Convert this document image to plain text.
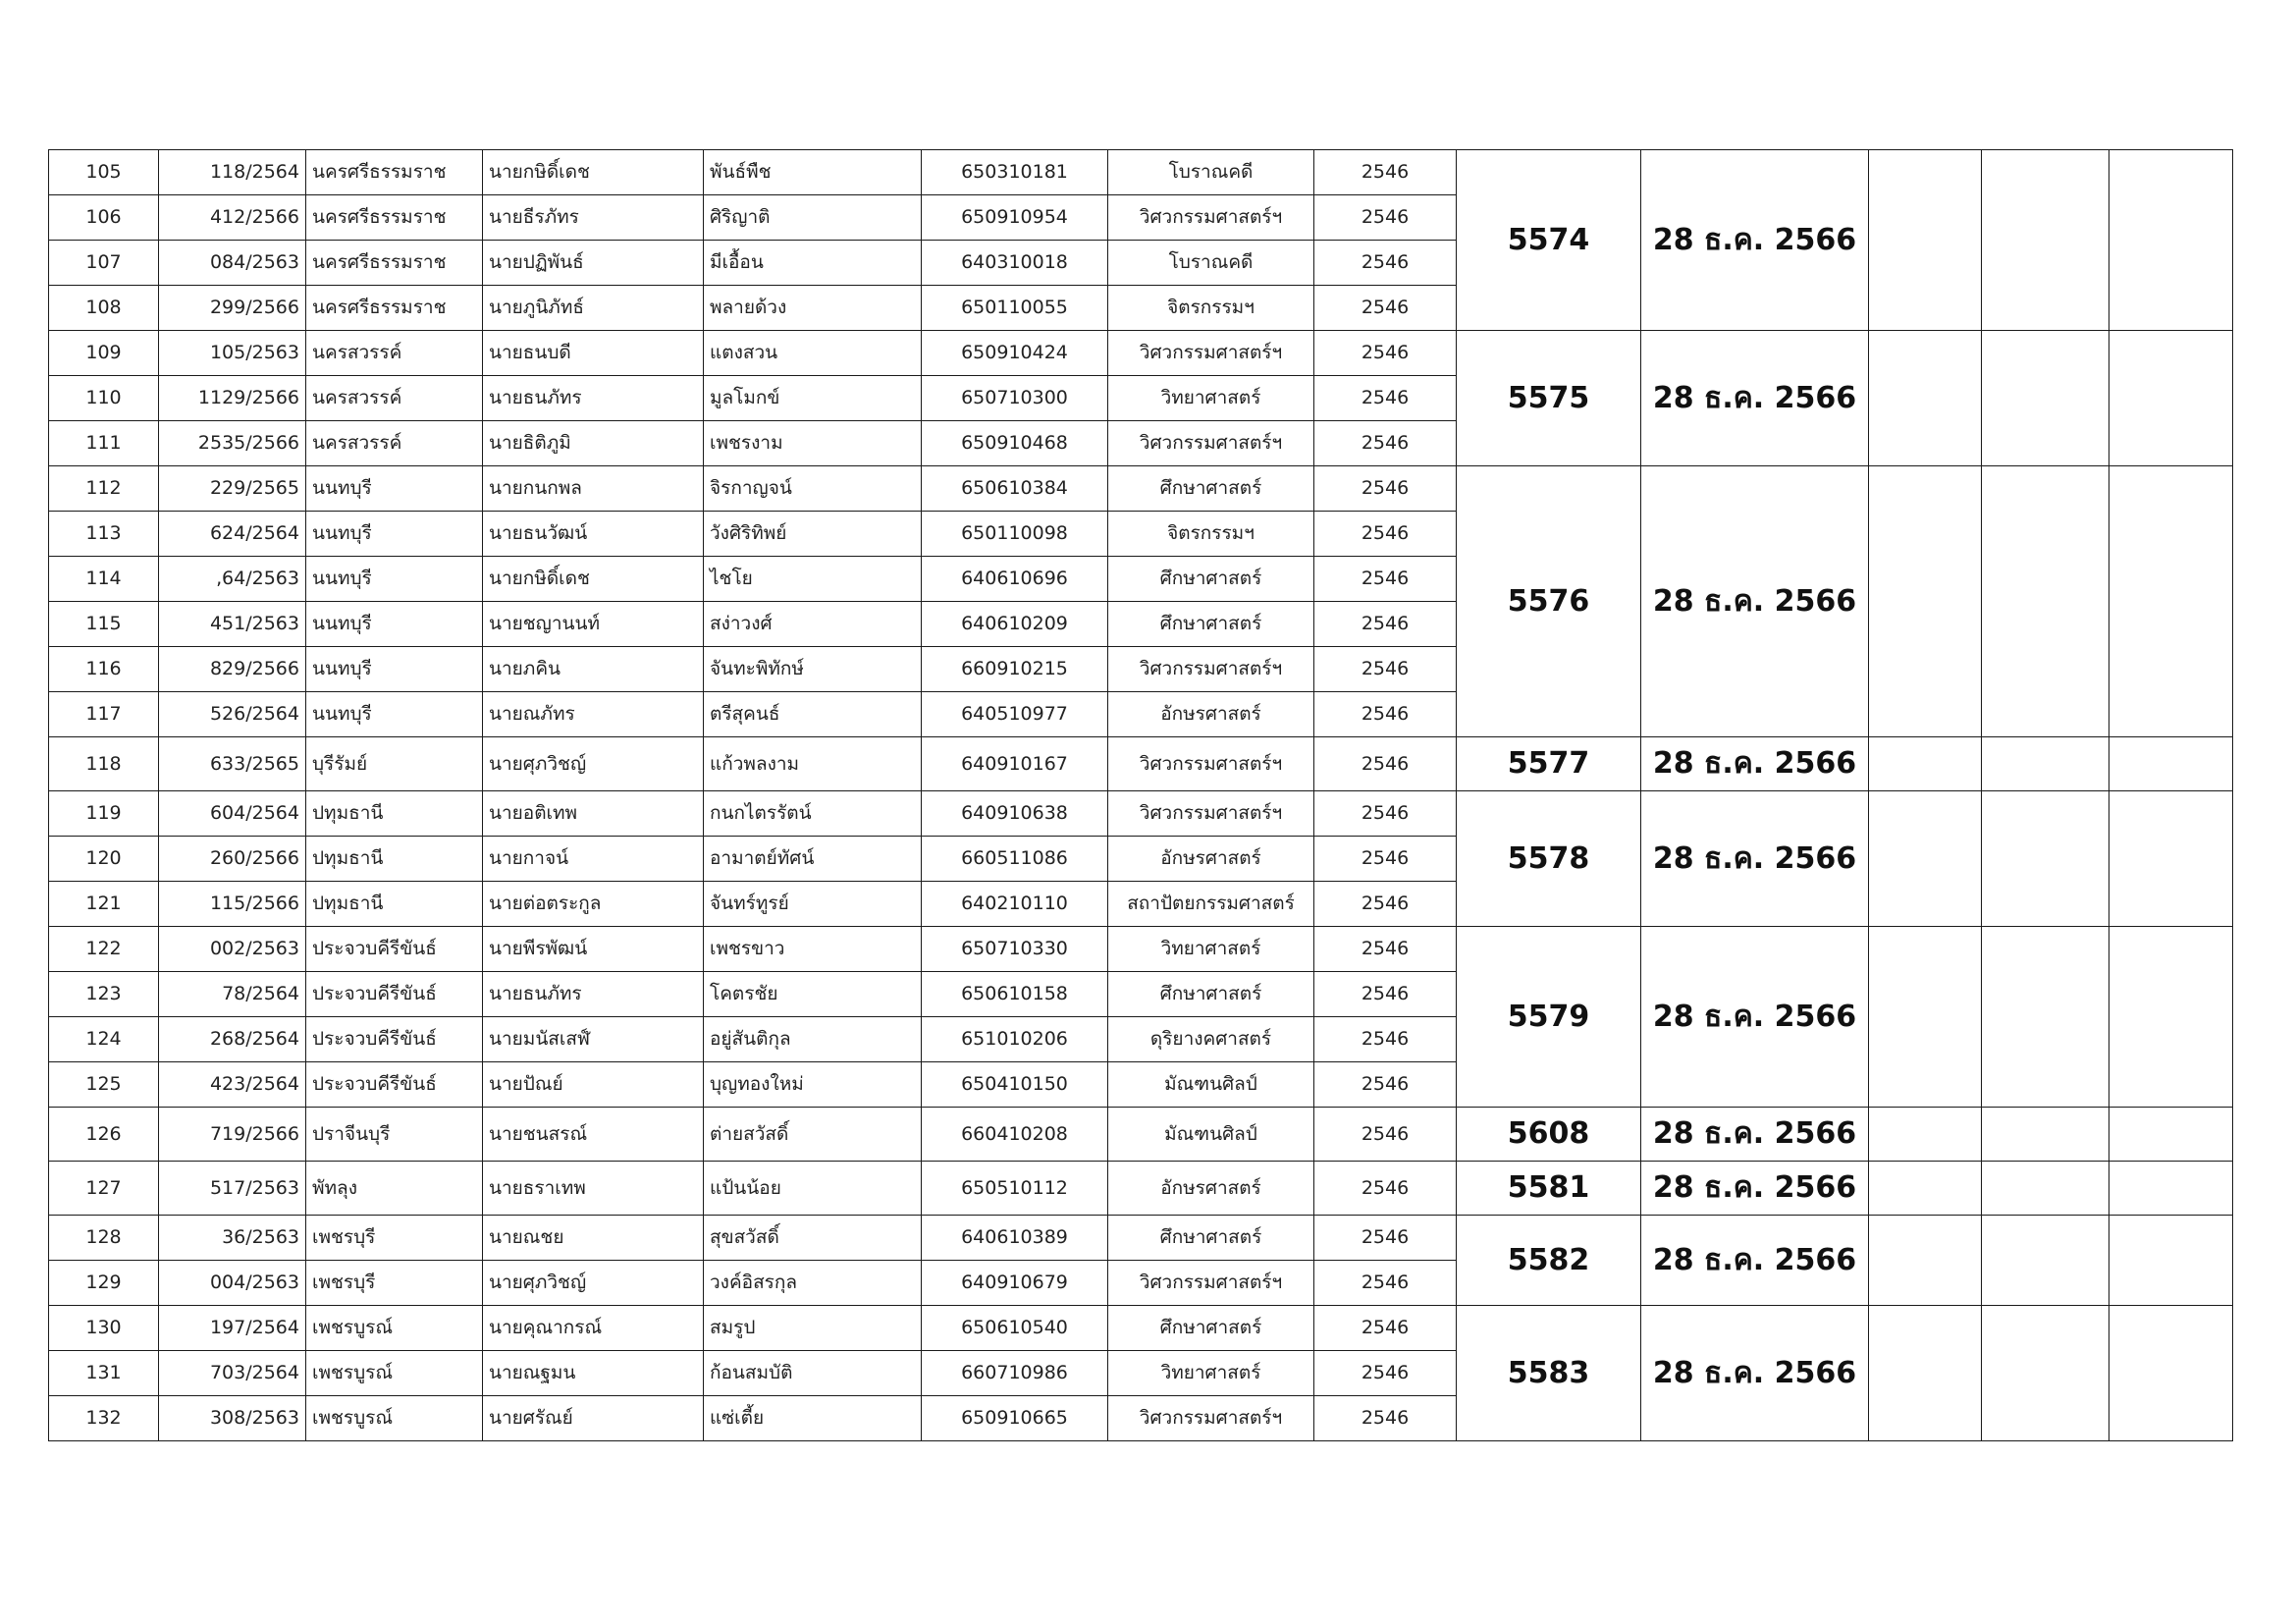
105	118/2564	นครศรีธรรมราช	นายกษิดิ์เดช	พันธ์พืช	650310181	โบราณคดี	2546	5574	28 ธ.ค. 2566				
106	412/2566	นครศรีธรรมราช	นายธีรภัทร	ศิริญาติ	650910954	วิศวกรรมศาสตร์ฯ	2546	
107	084/2563	นครศรีธรรมราช	นายปฏิพันธ์	มีเอื้อน	640310018	โบราณคดี	2546	
108	299/2566	นครศรีธรรมราช	นายภูนิภัทธ์	พลายด้วง	650110055	จิตรกรรมฯ	2546	
109	105/2563	นครสวรรค์	นายธนบดี	แตงสวน	650910424	วิศวกรรมศาสตร์ฯ	2546	5575	28 ธ.ค. 2566				
110	1129/2566	นครสวรรค์	นายธนภัทร	มูลโมกข์	650710300	วิทยาศาสตร์	2546	
111	2535/2566	นครสวรรค์	นายธิติภูมิ	เพชรงาม	650910468	วิศวกรรมศาสตร์ฯ	2546	
112	229/2565	นนทบุรี	นายกนกพล	จิรกาญจน์	650610384	ศึกษาศาสตร์	2546	5576	28 ธ.ค. 2566				
113	624/2564	นนทบุรี	นายธนวัฒน์	วังศิริทิพย์	650110098	จิตรกรรมฯ	2546	
114	‚64/2563	นนทบุรี	นายกษิดิ์เดช	ไชโย	640610696	ศึกษาศาสตร์	2546	
115	451/2563	นนทบุรี	นายชญานนท์	สง่าวงศ์	640610209	ศึกษาศาสตร์	2546	
116	829/2566	นนทบุรี	นายภคิน	จันทะพิทักษ์	660910215	วิศวกรรมศาสตร์ฯ	2546	
117	526/2564	นนทบุรี	นายณภัทร	ตรีสุคนธ์	640510977	อักษรศาสตร์	2546	
118	633/2565	บุรีรัมย์	นายศุภวิชญ์	แก้วพลงาม	640910167	วิศวกรรมศาสตร์ฯ	2546	5577	28 ธ.ค. 2566				
119	604/2564	ปทุมธานี	นายอติเทพ	กนกไตรรัตน์	640910638	วิศวกรรมศาสตร์ฯ	2546	5578	28 ธ.ค. 2566				
120	260/2566	ปทุมธานี	นายกาจน์	อามาตย์ทัศน์	660511086	อักษรศาสตร์	2546	
121	115/2566	ปทุมธานี	นายต่อตระกูล	จันทร์ทูรย์	640210110	สถาปัตยกรรมศาสตร์	2546	
122	002/2563	ประจวบคีรีขันธ์	นายพีรพัฒน์	เพชรขาว	650710330	วิทยาศาสตร์	2546	5579	28 ธ.ค. 2566				
123	78/2564	ประจวบคีรีขันธ์	นายธนภัทร	โคตรชัย	650610158	ศึกษาศาสตร์	2546	
124	268/2564	ประจวบคีรีขันธ์	นายมนัสเสฬ์	อยู่สันติกุล	651010206	ดุริยางคศาสตร์	2546	
125	423/2564	ประจวบคีรีขันธ์	นายปัณย์	บุญทองใหม่	650410150	มัณฑนศิลป์	2546	
126	719/2566	ปราจีนบุรี	นายชนสรณ์	ต่ายสวัสดิ์	660410208	มัณฑนศิลป์	2546	5608	28 ธ.ค. 2566				
127	517/2563	พัทลุง	นายธราเทพ	แป้นน้อย	650510112	อักษรศาสตร์	2546	5581	28 ธ.ค. 2566				
128	36/2563	เพชรบุรี	นายณชย	สุขสวัสดิ์	640610389	ศึกษาศาสตร์	2546	5582	28 ธ.ค. 2566				
129	004/2563	เพชรบุรี	นายศุภวิชญ์	วงค์อิสรกุล	640910679	วิศวกรรมศาสตร์ฯ	2546	
130	197/2564	เพชรบูรณ์	นายคุณากรณ์	สมรูป	650610540	ศึกษาศาสตร์	2546	5583	28 ธ.ค. 2566				
131	703/2564	เพชรบูรณ์	นายณฐมน	ก้อนสมบัติ	660710986	วิทยาศาสตร์	2546	
132	308/2563	เพชรบูรณ์	นายศรัณย์	แซ่เตี้ย	650910665	วิศวกรรมศาสตร์ฯ	2546	
